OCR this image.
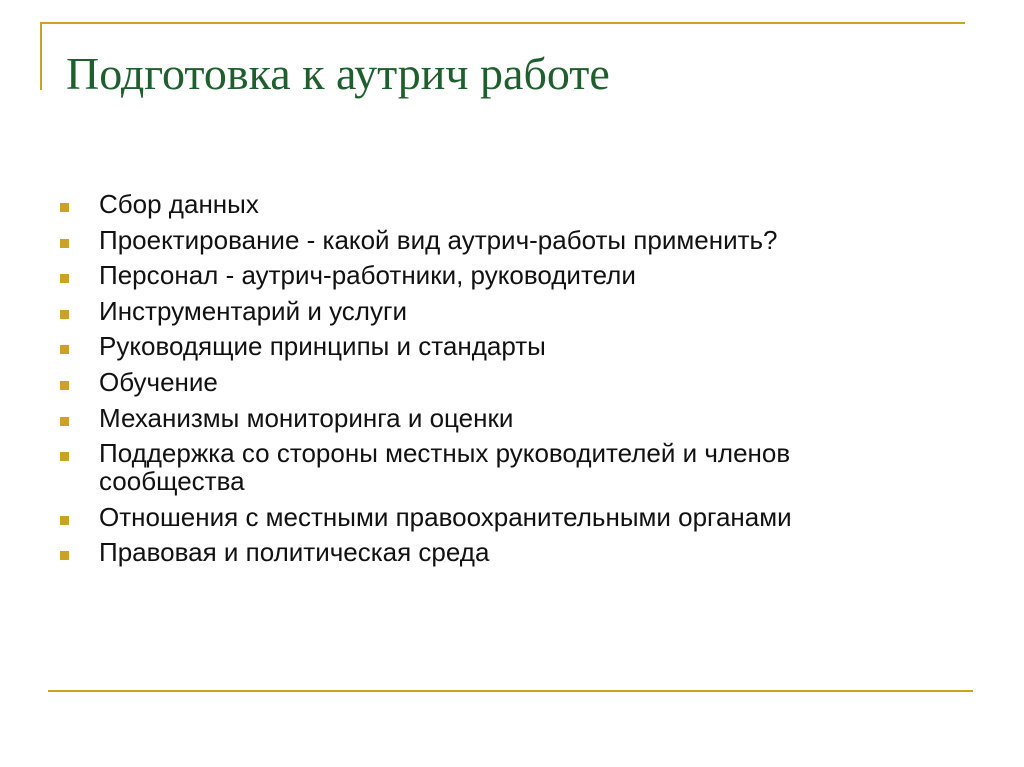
Подготовка к аутрич работе
Сбор данных
Проектирование - какой вид аутрич-работы применить?
Персонал - аутрич-работники, руководители
Инструментарий и услуги
Руководящие принципы и стандарты
Обучение
Механизмы мониторинга и оценки
Поддержка со стороны местных руководителей и членов сообщества
Отношения с местными правоохранительными органами
Правовая и политическая среда
